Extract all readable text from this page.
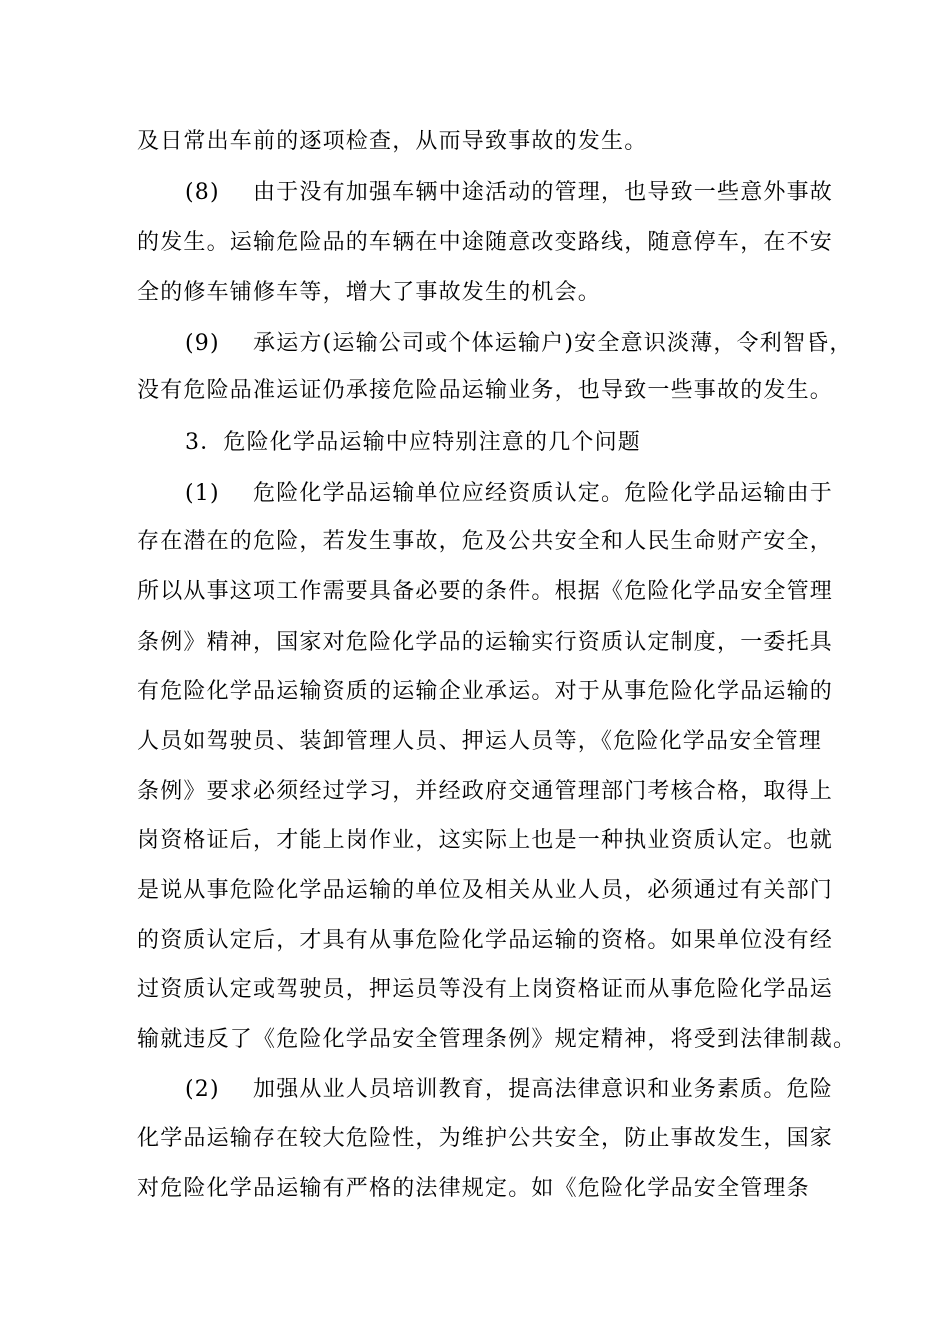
及日常出车前的逐项检查，从而导致事故的发生。
(8) 由于没有加强车辆中途活动的管理，也导致一些意外事故
的发生。运输危险品的车辆在中途随意改变路线，随意停车，在不安
全的修车铺修车等，增大了事故发生的机会。
(9) 承运方(运输公司或个体运输户)安全意识淡薄，令利智昏，
没有危险品准运证仍承接危险品运输业务，也导致一些事故的发生。
3．危险化学品运输中应特别注意的几个问题
(1) 危险化学品运输单位应经资质认定。危险化学品运输由于
存在潜在的危险，若发生事故，危及公共安全和人民生命财产安全，
所以从事这项工作需要具备必要的条件。根据《危险化学品安全管理
条例》精神，国家对危险化学品的运输实行资质认定制度，一委托具
有危险化学品运输资质的运输企业承运。对于从事危险化学品运输的
人员如驾驶员、装卸管理人员、押运人员等，《危险化学品安全管理
条例》要求必须经过学习，并经政府交通管理部门考核合格，取得上
岗资格证后，才能上岗作业，这实际上也是一种执业资质认定。也就
是说从事危险化学品运输的单位及相关从业人员，必须通过有关部门
的资质认定后，才具有从事危险化学品运输的资格。如果单位没有经
过资质认定或驾驶员，押运员等没有上岗资格证而从事危险化学品运
输就违反了《危险化学品安全管理条例》规定精神，将受到法律制裁。
(2) 加强从业人员培训教育，提高法律意识和业务素质。危险
化学品运输存在较大危险性，为维护公共安全，防止事故发生，国家
对危险化学品运输有严格的法律规定。如《危险化学品安全管理条
